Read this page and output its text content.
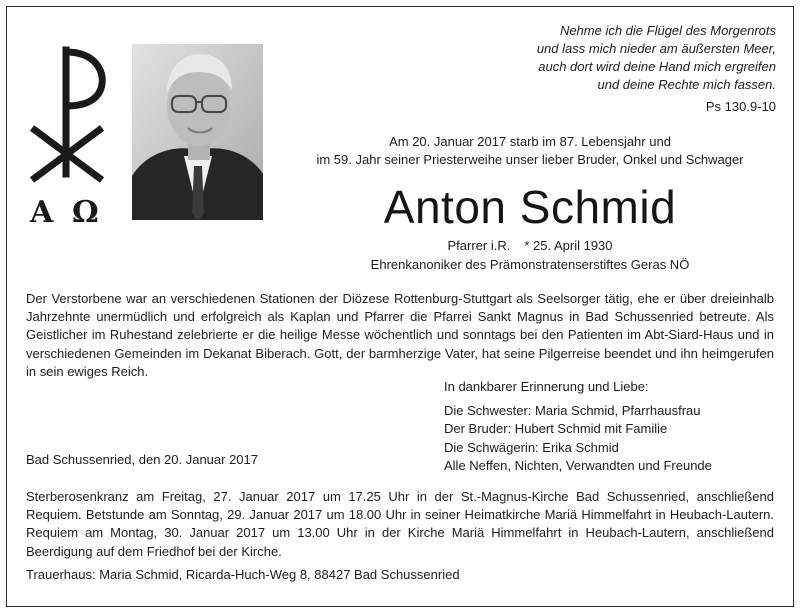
Nehme ich die Flügel des Morgenrots
und lass mich nieder am äußersten Meer,
auch dort wird deine Hand mich ergreifen
und deine Rechte mich fassen.
Ps 130.9-10
A Ω
Am 20. Januar 2017 starb im 87. Lebensjahr und
im 59. Jahr seiner Priesterweihe unser lieber Bruder, Onkel und Schwager
Anton Schmid
Pfarrer i.R. * 25. April 1930
Ehrenkanoniker des Prämonstratenserstiftes Geras NÖ
Der Verstorbene war an verschiedenen Stationen der Diözese Rottenburg-Stuttgart als Seelsorger tätig, ehe er über dreieinhalb Jahrzehnte unermüdlich und erfolgreich als Kaplan und Pfarrer die Pfarrei Sankt Magnus in Bad Schussenried betreute. Als Geistlicher im Ruhestand zelebrierte er die heilige Messe wöchentlich und sonntags bei den Patienten im Abt-Siard-Haus und in verschiedenen Gemeinden im Dekanat Biberach. Gott, der barmherzige Vater, hat seine Pilgerreise beendet und ihn heimgerufen in sein ewiges Reich.
In dankbarer Erinnerung und Liebe:
Die Schwester: Maria Schmid, Pfarrhausfrau
Der Bruder: Hubert Schmid mit Familie
Die Schwägerin: Erika Schmid
Alle Neffen, Nichten, Verwandten und Freunde
Bad Schussenried, den 20. Januar 2017
Sterberosenkranz am Freitag, 27. Januar 2017 um 17.25 Uhr in der St.-Magnus-Kirche Bad Schussenried, anschließend Requiem. Betstunde am Sonntag, 29. Januar 2017 um 18.00 Uhr in seiner Heimatkirche Mariä Himmelfahrt in Heubach-Lautern. Requiem am Montag, 30. Januar 2017 um 13.00 Uhr in der Kirche Mariä Himmelfahrt in Heubach-Lautern, anschließend Beerdigung auf dem Friedhof bei der Kirche.
Trauerhaus: Maria Schmid, Ricarda-Huch-Weg 8, 88427 Bad Schussenried
